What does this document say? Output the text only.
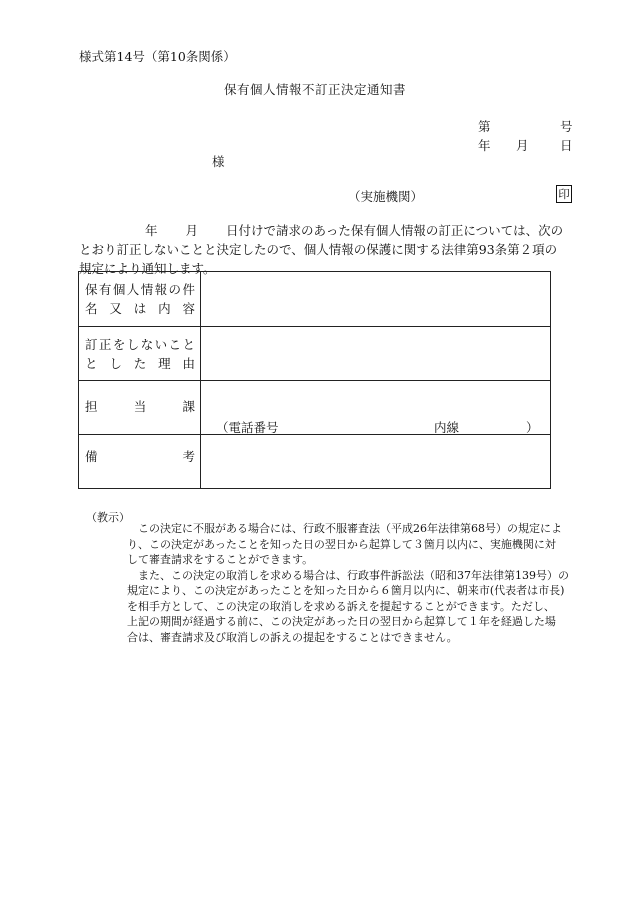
様式第14号（第10条関係）
保有個人情報不訂正決定通知書
第	号
年 月	日
様
（実施機関）	印
年 月 日付けで請求のあった保有個人情報の訂正については、次の
とおり訂正しないことと決定したので、個人情報の保護に関する法律第93条第２項の
規定により通知します。
保有個人情報の件
名 又 は 内 容	

訂正をしないこと
と し た 理 由	

担　当　課	（電話番号 内線 ）

備　考	

（教示）
　この決定に不服がある場合には、行政不服審査法（平成26年法律第68号）の規定によ
り、この決定があったことを知った日の翌日から起算して３箇月以内に、実施機関に対
して審査請求をすることができます。
　また、この決定の取消しを求める場合は、行政事件訴訟法（昭和37年法律第139号）の
規定により、この決定があったことを知った日から６箇月以内に、朝来市(代表者は市長)
を相手方として、この決定の取消しを求める訴えを提起することができます。ただし、
上記の期間が経過する前に、この決定があった日の翌日から起算して１年を経過した場
合は、審査請求及び取消しの訴えの提起をすることはできません。
